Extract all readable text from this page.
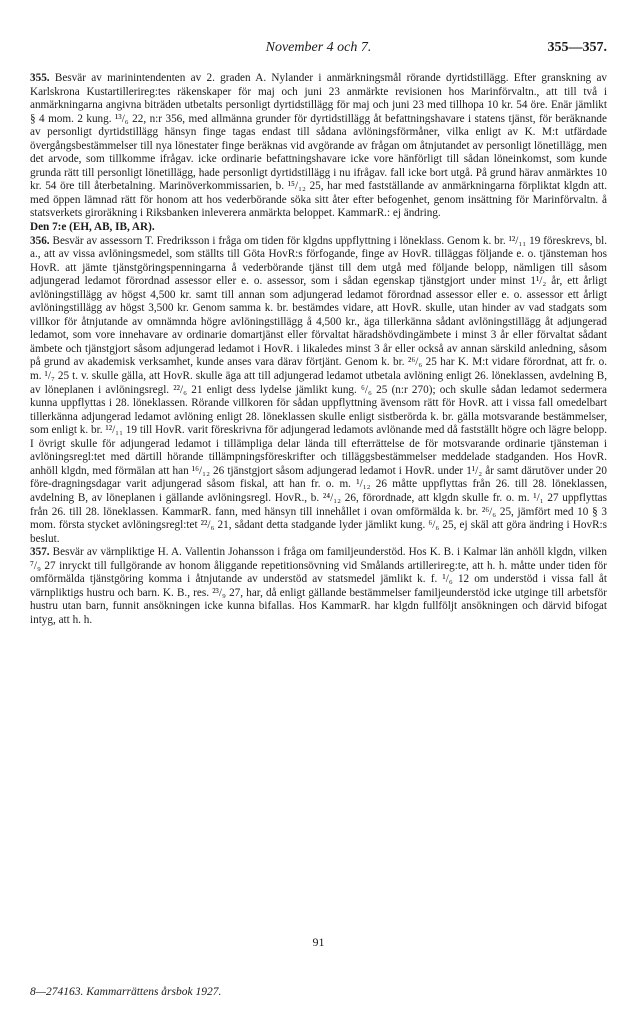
November 4 och 7.	355—357.

355. Besvär av marinintendenten av 2. graden A. Nylander i anmärkningsmål rörande dyrtidstillägg. Efter granskning av Karlskrona Kustartillerireg:tes räkenskaper för maj och juni 23 anmärkte revisionen hos Marinförvaltn., att till två i anmärkningarna angivna biträden utbetalts personligt dyrtidstillägg för maj och juni 23 med tillhopa 10 kr. 54 öre. Enär jämlikt § 4 mom. 2 kung. ¹³/₆ 22, n:r 356, med allmänna grunder för dyrtidstillägg åt befattningshavare i statens tjänst, för beräknande av personligt dyrtidstillägg hänsyn finge tagas endast till sådana avlöningsförmåner, vilka enligt av K. M:t utfärdade övergångsbestämmelser till nya lönestater finge beräknas vid avgörande av frågan om åtnjutandet av personligt lönetillägg, men det arvode, som tillkomme ifrågav. icke ordinarie befattningshavare icke vore hänförligt till sådan löneinkomst, som kunde grunda rätt till personligt lönetillägg, hade personligt dyrtidstillägg i nu ifrågav. fall icke bort utgå. På grund härav anmärktes 10 kr. 54 öre till återbetalning. Marinöverkommissarien, b. ¹⁵/₁₂ 25, har med fastställande av anmärkningarna förpliktat klgdn att. med öppen lämnad rätt för honom att hos vederbörande söka sitt åter efter befogenhet, genom insättning för Marinförvaltn. å statsverkets giroräkning i Riksbanken inleverera anmärkta beloppet. KammarR.: ej ändring.

Den 7:e (EH, AB, IB, AR).

356. Besvär av assessorn T. Fredriksson i fråga om tiden för klgdns uppflyttning i lönеklass. Genom k. br. ¹²/₁₁ 19 föreskrevs, bl. a., att av vissa avlöningsmedel, som ställts till Göta HovR:s förfogande, finge av HovR. tilläggas följande e. o. tjänsteman hos HovR. att jämte tjänstgöringspenningarna å vederbörande tjänst till dem utgå med följande belopp, nämligen till såsom adjungerad ledamot förordnad assessor eller e. o. assessor, som i sådan egenskap tjänstgjort under minst 1¹/₂ år, ett årligt avlöningstillägg av högst 4,500 kr. samt till annan som adjungerad ledamot förordnad assessor eller e. o. assessor ett årligt avlöningstillägg av högst 3,500 kr. Genom samma k. br. bestämdes vidare, att HovR. skulle, utan hinder av vad stadgats som villkor för åtnjutande av omnämnda högre avlöningstillägg å 4,500 kr., äga tillerkänna sådant avlöningstillägg åt adjungerad ledamot, som vore innehavare av ordinarie domartjänst eller förvaltat häradshövdingämbete i minst 3 år eller förvaltat sådant ämbete och tjänstgjort såsom adjungerad ledamot i HovR. i likaledes minst 3 år eller också av annan särskild anledning, såsom på grund av akademisk verksamhet, kunde anses vara därav förtjänt. Genom k. br. ²⁶/₆ 25 har K. M:t vidare förordnat, att fr. o. m. ¹/₇ 25 t. v. skulle gälla, att HovR. skulle äga att till adjungerad ledamot utbetala avlöning enligt 26. löneklassen, avdelning B, av löneplanen i avlöningsregl. ²²/₆ 21 enligt dess lydelse jämlikt kung. ⁶/₆ 25 (n:r 270); och skulle sådan ledamot sedermera kunna uppflyttas i 28. löneklassen. Rörande villkoren för sådan uppflyttning ävensom rätt för HovR. att i vissa fall omedelbart tillerkänna adjungerad ledamot avlöning enligt 28. löneklassen skulle enligt sistberörda k. br. gälla motsvarande bestämmelser, som enligt k. br. ¹²/₁₁ 19 till HovR. varit föreskrivna för adjungerad ledamots avlönande med då fastställt högre och lägre belopp. I övrigt skulle för adjungerad ledamot i tillämpliga delar lända till efterrättelse de för motsvarande ordinarie tjänsteman i avlöningsregl:tet med därtill hörande tillämpningsföreskrifter och tilläggsbestämmelser meddelade stadganden. Hos HovR. anhöll klgdn, med förmälan att han ¹⁶/₁₂ 26 tjänstgjort såsom adjungerad ledamot i HovR. under 1¹/₂ år samt därutöver under 20 före-dragningsdagar varit adjungerad såsom fiskal, att han fr. o. m. ¹/₁₂ 26 måtte uppflyttas från 26. till 28. löneklassen, avdelning B, av löneplanen i gällande avlöningsregl. HovR., b. ²⁴/₁₂ 26, förordnade, att klgdn skulle fr. o. m. ¹/₁ 27 uppflyttas från 26. till 28. löneklassen. KammarR. fann, med hänsyn till innehållet i ovan omförmälda k. br. ²⁶/₆ 25, jämfört med 10 § 3 mom. första stycket avlöningsregl:tet ²²/₆ 21, sådant detta stadgande lyder jämlikt kung. ⁶/₆ 25, ej skäl att göra ändring i HovR:s beslut.

357. Besvär av värnpliktige H. A. Vallentin Johansson i fråga om familjeunderstöd. Hos K. B. i Kalmar län anhöll klgdn, vilken ⁷/₉ 27 inryckt till fullgörande av honom åliggande repetitionsövning vid Smålands artillerireg:te, att h. h. måtte under tiden för omförmälda tjänstgöring komma i åtnjutande av understöd av statsmedel jämlikt k. f. ¹/₆ 12 om understöd i vissa fall åt värnpliktigs hustru och barn. K. B., res. ²³/₉ 27, har, då enligt gällande bestämmelser familjeunderstöd icke utginge till arbetsför hustru utan barn, funnit ansökningen icke kunna bifallas. Hos KammarR. har klgdn fullföljt ansökningen och därvid bifogat intyg, att h. h.

91
8—274163. Kammarrättens årsbok 1927.
